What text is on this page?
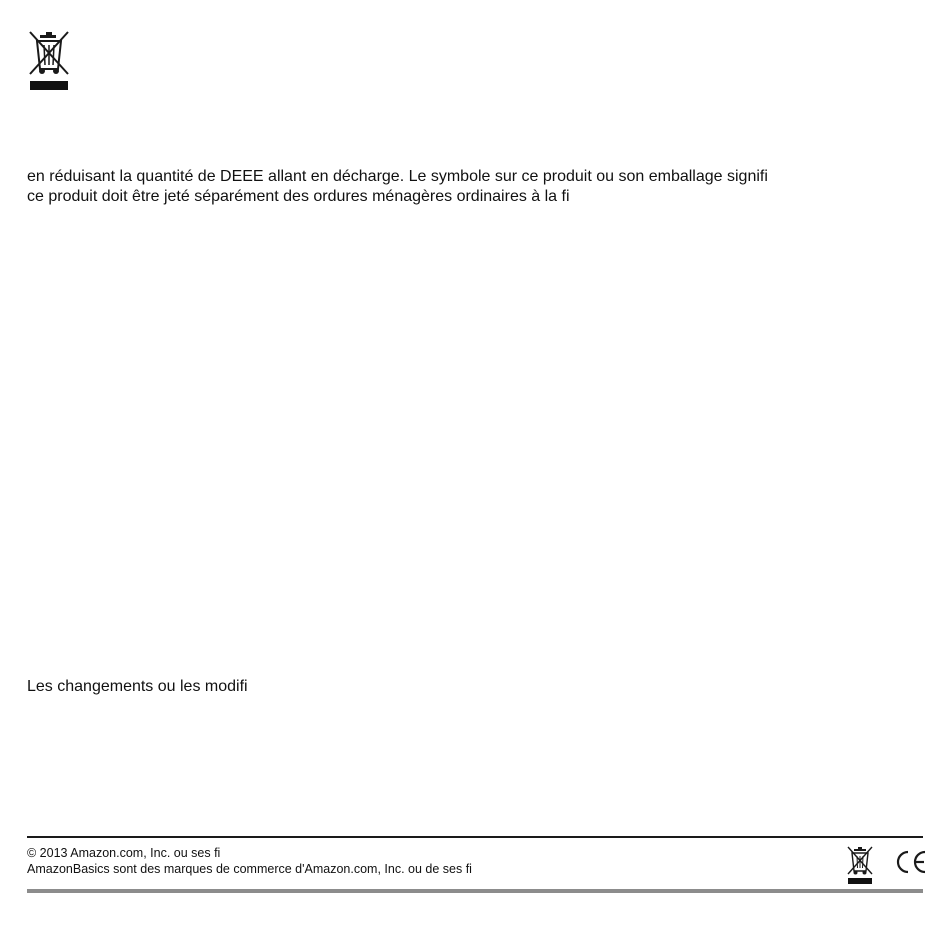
en réduisant la quantité de DEEE allant en décharge. Le symbole sur ce produit ou son emballage signifi
ce produit doit être jeté séparément des ordures ménagères ordinaires à la fi

Les changements ou les modifi

© 2013 Amazon.com, Inc. ou ses fi
AmazonBasics sont des marques de commerce d'Amazon.com, Inc. ou de ses fi
